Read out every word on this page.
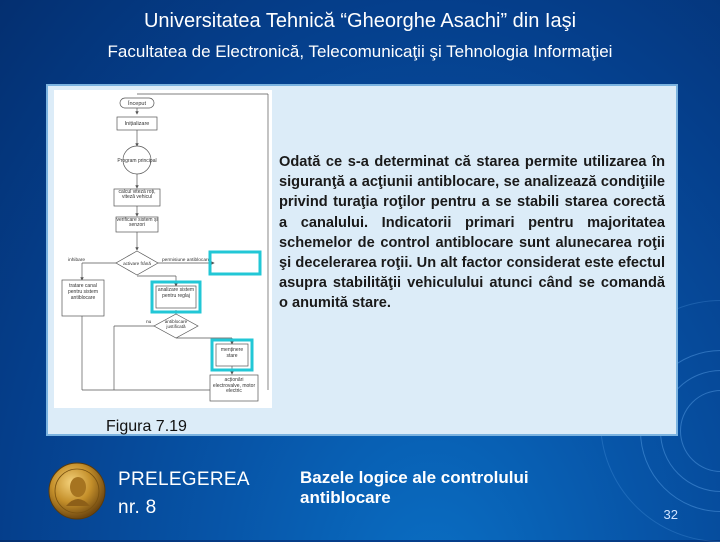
Universitatea Tehnică “Gheorghe Asachi” din Iaşi
Facultatea de Electronică, Telecomunicaţii şi Tehnologia Informaţiei
Început
Inițializare
Program principal
calcul viteză roți, viteză vehicul
verificare sistem și senzori
activare frână
inhibare	permisiune antiblocare
tratare canal pentru sistem antiblocare
analizare sistem pentru reglaj
antiblocare justificată
nu
menținere stare
acționări electrovalve, motor electric
Odată ce s-a determinat că starea permite utilizarea în siguranţă a acţiunii antiblocare, se analizează condiţiile privind turaţia roţilor pentru a se stabili starea corectă a canalului. Indicatorii primari pentru majoritatea schemelor de control antiblocare sunt alunecarea roţii şi decelerarea roţii. Un alt factor considerat este efectul asupra stabilităţii vehiculului atunci când se comandă o anumită stare.
Figura 7.19
PRELEGEREA
nr. 8
Bazele logice ale controlului antiblocare
32
